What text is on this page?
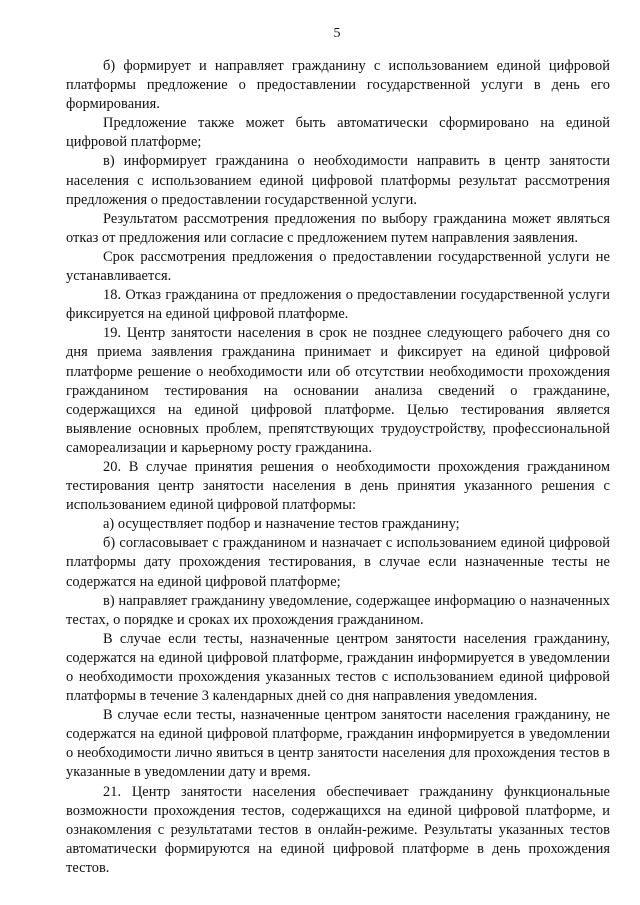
5

б) формирует и направляет гражданину с использованием единой цифровой платформы предложение о предоставлении государственной услуги в день его формирования.

Предложение также может быть автоматически сформировано на единой цифровой платформе;

в) информирует гражданина о необходимости направить в центр занятости населения с использованием единой цифровой платформы результат рассмотрения предложения о предоставлении государственной услуги.

Результатом рассмотрения предложения по выбору гражданина может являться отказ от предложения или согласие с предложением путем направления заявления.

Срок рассмотрения предложения о предоставлении государственной услуги не устанавливается.

18. Отказ гражданина от предложения о предоставлении государственной услуги фиксируется на единой цифровой платформе.

19. Центр занятости населения в срок не позднее следующего рабочего дня со дня приема заявления гражданина принимает и фиксирует на единой цифровой платформе решение о необходимости или об отсутствии необходимости прохождения гражданином тестирования на основании анализа сведений о гражданине, содержащихся на единой цифровой платформе. Целью тестирования является выявление основных проблем, препятствующих трудоустройству, профессиональной самореализации и карьерному росту гражданина.

20. В случае принятия решения о необходимости прохождения гражданином тестирования центр занятости населения в день принятия указанного решения с использованием единой цифровой платформы:

а) осуществляет подбор и назначение тестов гражданину;

б) согласовывает с гражданином и назначает с использованием единой цифровой платформы дату прохождения тестирования, в случае если назначенные тесты не содержатся на единой цифровой платформе;

в) направляет гражданину уведомление, содержащее информацию о назначенных тестах, о порядке и сроках их прохождения гражданином.

В случае если тесты, назначенные центром занятости населения гражданину, содержатся на единой цифровой платформе, гражданин информируется в уведомлении о необходимости прохождения указанных тестов с использованием единой цифровой платформы в течение 3 календарных дней со дня направления уведомления.

В случае если тесты, назначенные центром занятости населения гражданину, не содержатся на единой цифровой платформе, гражданин информируется в уведомлении о необходимости лично явиться в центр занятости населения для прохождения тестов в указанные в уведомлении дату и время.

21. Центр занятости населения обеспечивает гражданину функциональные возможности прохождения тестов, содержащихся на единой цифровой платформе, и ознакомления с результатами тестов в онлайн-режиме. Результаты указанных тестов автоматически формируются на единой цифровой платформе в день прохождения тестов.
